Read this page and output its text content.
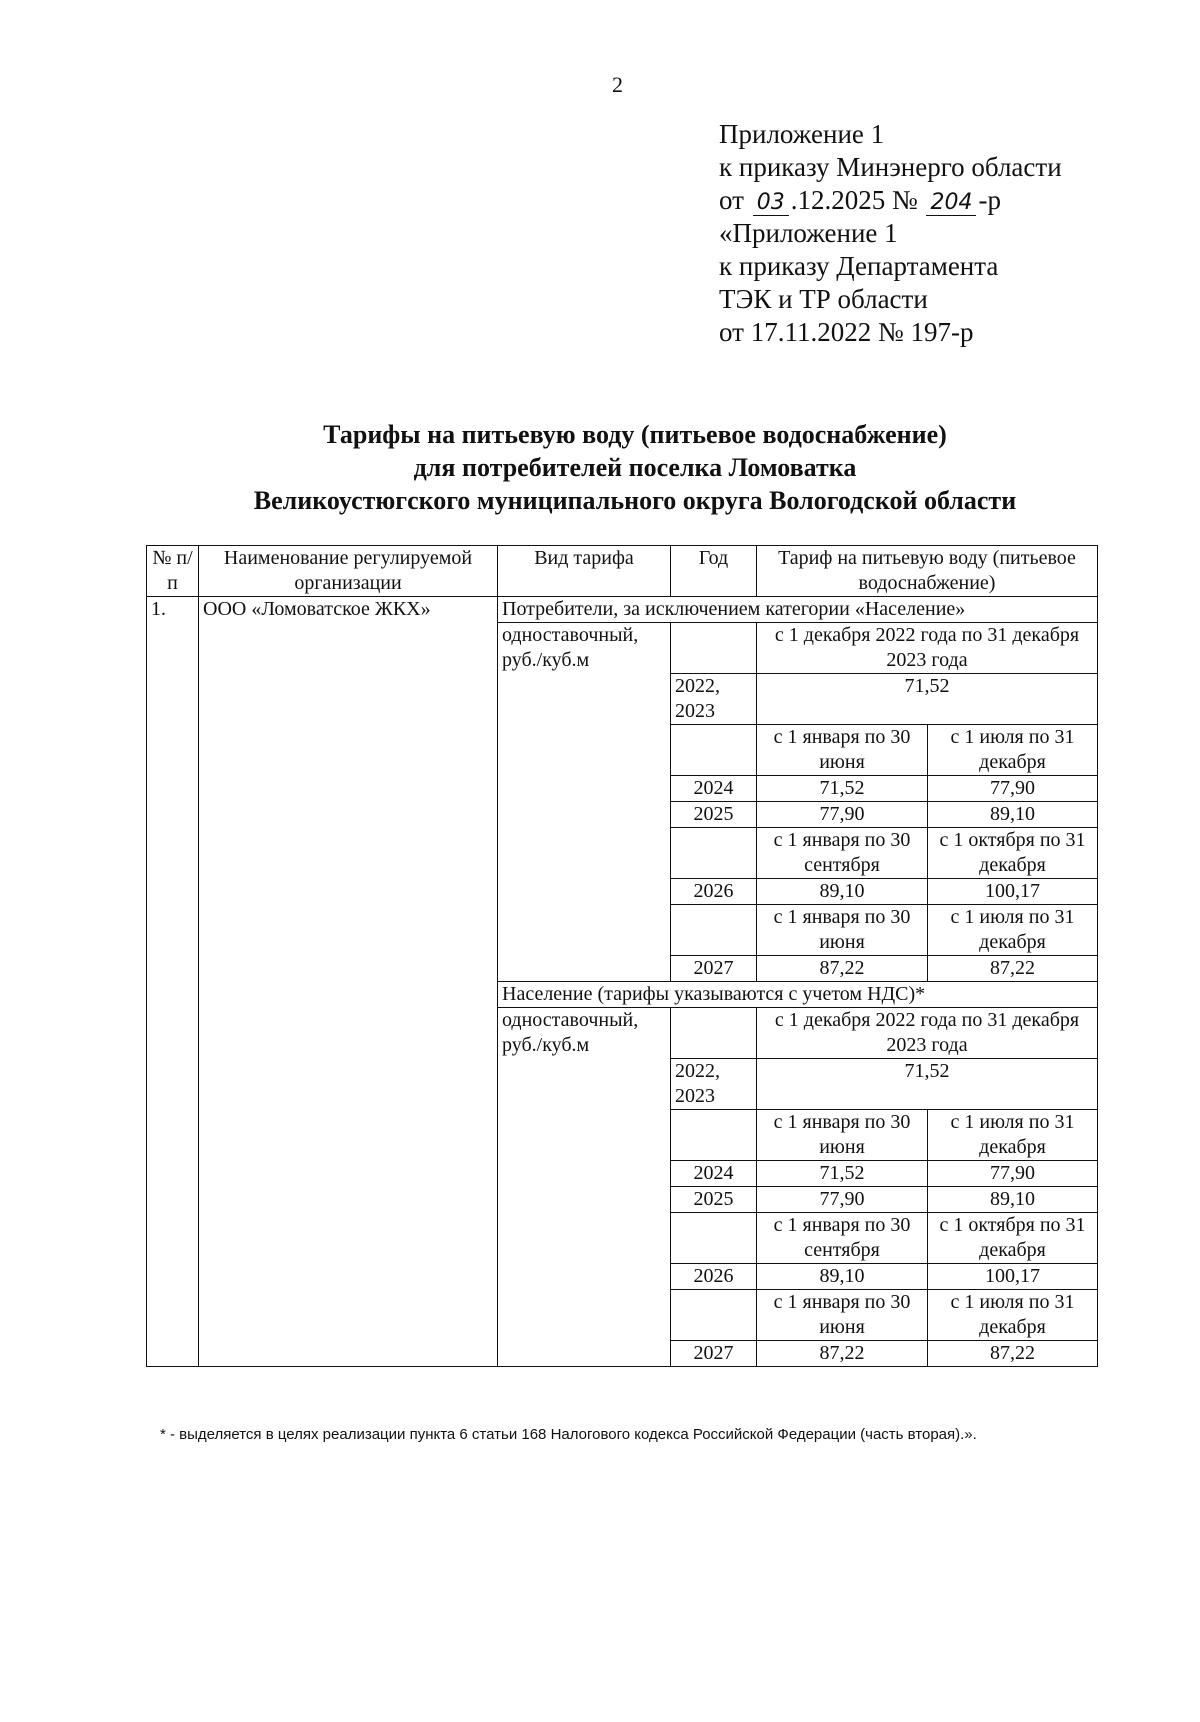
2
Приложение 1
к приказу Минэнерго области
от 03 .12.2025 № 204 -р
«Приложение 1
к приказу Департамента
ТЭК и ТР области
от 17.11.2022 № 197-р
Тарифы на питьевую воду (питьевое водоснабжение)
для потребителей поселка Ломоватка
Великоустюгского муниципального округа Вологодской области
№ п/п	Наименование регулируемой организации	Вид тарифа	Год	Тариф на питьевую воду (питьевое водоснабжение)	
1.	ООО «Ломоватское ЖКХ»	Потребители, за исключением категории «Население»			
		одноставочный, руб./куб.м		с 1 декабря 2022 года по 31 декабря 2023 года	
			2022, 2023	71,52	
				с 1 января по 30 июня	с 1 июля по 31 декабря
			2024	71,52	77,90
			2025	77,90	89,10
				с 1 января по 30 сентября	с 1 октября по 31 декабря
			2026	89,10	100,17
				с 1 января по 30 июня	с 1 июля по 31 декабря
			2027	87,22	87,22
		Население (тарифы указываются с учетом НДС)*			
		одноставочный, руб./куб.м		с 1 декабря 2022 года по 31 декабря 2023 года	
			2022, 2023	71,52	
				с 1 января по 30 июня	с 1 июля по 31 декабря
			2024	71,52	77,90
			2025	77,90	89,10
				с 1 января по 30 сентября	с 1 октября по 31 декабря
			2026	89,10	100,17
				с 1 января по 30 июня	с 1 июля по 31 декабря
			2027	87,22	87,22
* - выделяется в целях реализации пункта 6 статьи 168 Налогового кодекса Российской Федерации (часть вторая).».
